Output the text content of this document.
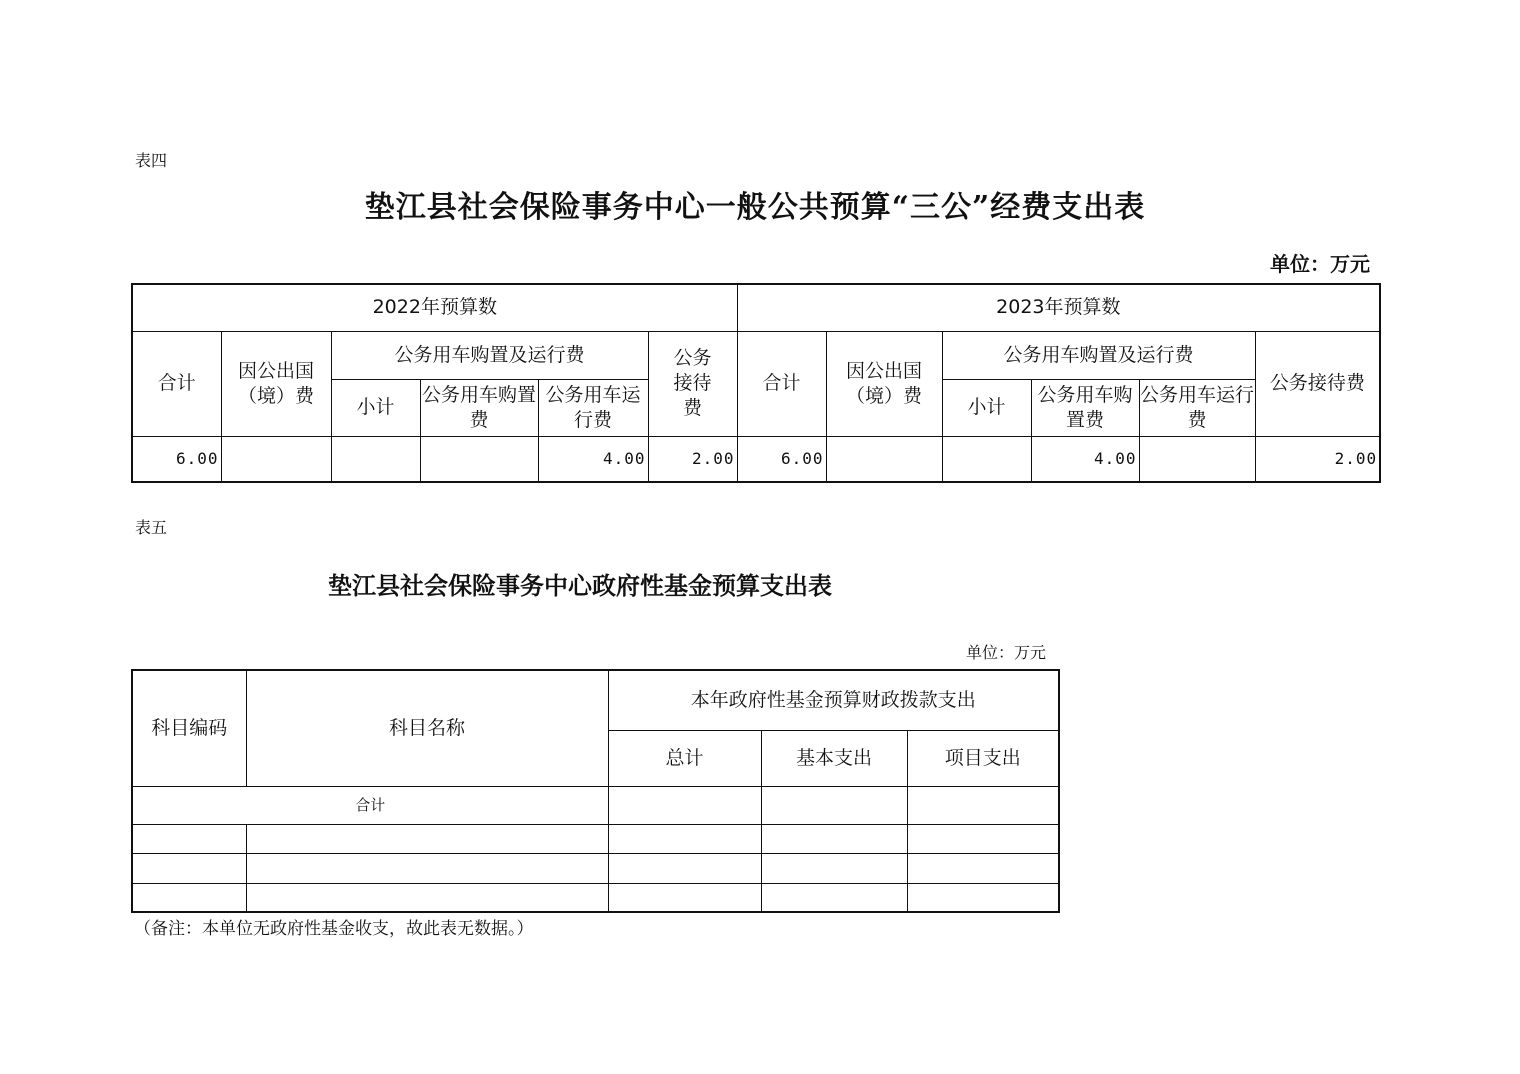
表四
垫江县社会保险事务中心一般公共预算“三公”经费支出表
单位：万元
2022年预算数						2023年预算数					
合计	因公出国（境）费	公务用车购置及运行费			公务接待费	合计	因公出国（境）费	公务用车购置及运行费			公务接待费
		小计	公务用车购置费	公务用车运行费				小计	公务用车购置费	公务用车运行费	
6.00				4.00	2.00	6.00			4.00		2.00
表五
垫江县社会保险事务中心政府性基金预算支出表
单位：万元
科目编码	科目名称	本年政府性基金预算财政拨款支出		
		总计	基本支出	项目支出
合计				

（备注：本单位无政府性基金收支，故此表无数据。）
